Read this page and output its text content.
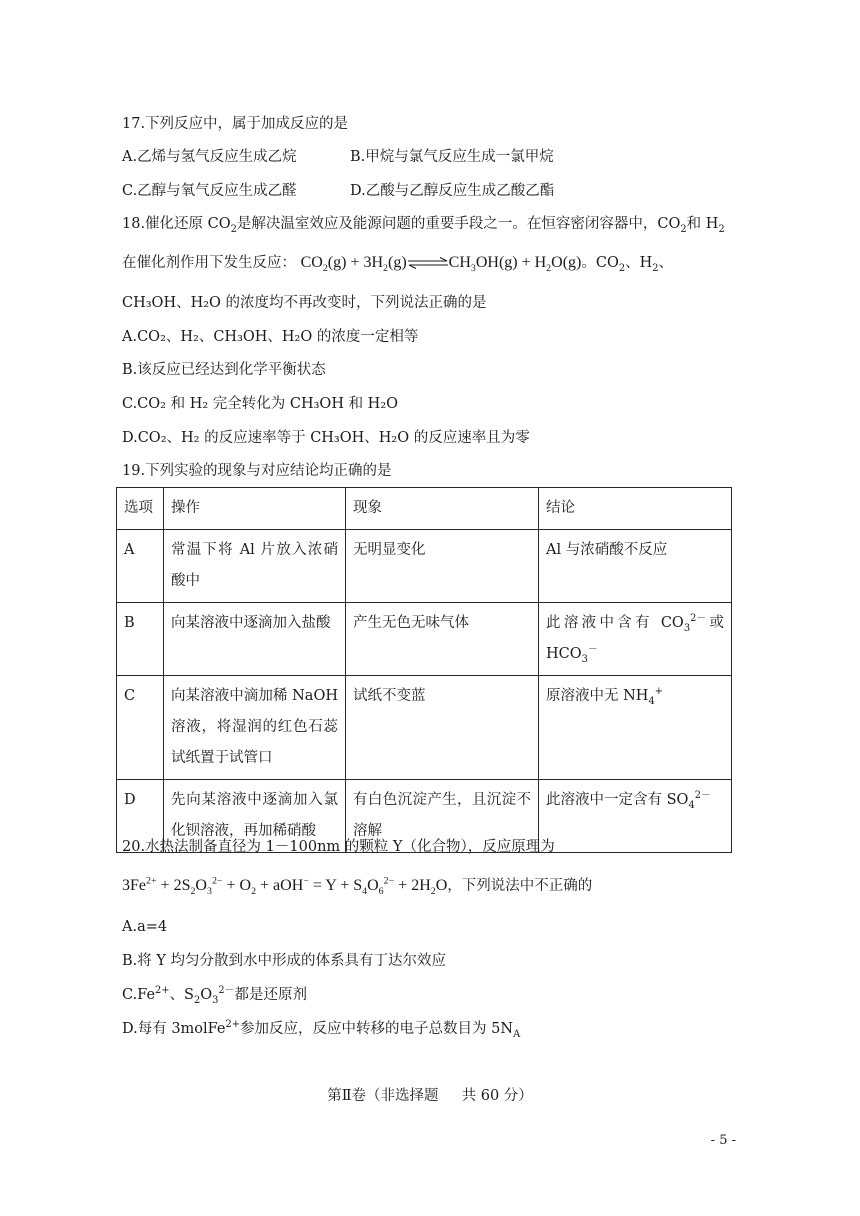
17.下列反应中，属于加成反应的是
A.乙烯与氢气反应生成乙烷	B.甲烷与氯气反应生成一氯甲烷
C.乙醇与氧气反应生成乙醛	D.乙酸与乙醇反应生成乙酸乙酯
18.催化还原 $CO_2$是解决温室效应及能源问题的重要手段之一。在恒容密闭容器中，$CO_2$和 $H_2$
在催化剂作用下发生反应： $CO_2(g)$ + $3H_2(g)\rightleftharpoons CH_3OH(g) + H_2O(g)$。$CO_2$、$H_2$、
CH₃OH、H₂O 的浓度均不再改变时，下列说法正确的是
A.CO₂、H₂、CH₃OH、H₂O 的浓度一定相等
B.该反应已经达到化学平衡状态
C.CO₂ 和 H₂ 完全转化为 CH₃OH 和 H₂O
D.CO₂、H₂ 的反应速率等于 CH₃OH、H₂O 的反应速率且为零
19.下列实验的现象与对应结论均正确的是
选项	操作	现象	结论
A	常温下将 Al 片放入浓硝酸中	无明显变化	Al 与浓硝酸不反应
B	向某溶液中逐滴加入盐酸	产生无色无味气体	此溶液中含有 $CO_3^{2-}$或 $HCO_3^-$
C	向某溶液中滴加稀 NaOH 溶液，将湿润的红色石蕊试纸置于试管口	试纸不变蓝	原溶液中无 $NH_4^+$
D	先向某溶液中逐滴加入氯化钡溶液，再加稀硝酸	有白色沉淀产生，且沉淀不溶解	此溶液中一定含有 $SO_4^{2-}$
20.水热法制备直径为 1－100nm 的颗粒 Y（化合物），反应原理为
$3Fe^{2+} + 2S_2O_3^{2-} + O_2 + aOH^- = Y + S_4O_6^{2-} + 2H_2O$，下列说法中不正确的
A.a=4
B.将 Y 均匀分散到水中形成的体系具有丁达尔效应
$C.Fe^{2+}$、$S_2O_3^{2-}$都是还原剂
D.每有 3molFe$^{2+}$参加反应，反应中转移的电子总数目为 $5N_A$
第Ⅱ卷（非选择题     共 60 分）
- 5 -
